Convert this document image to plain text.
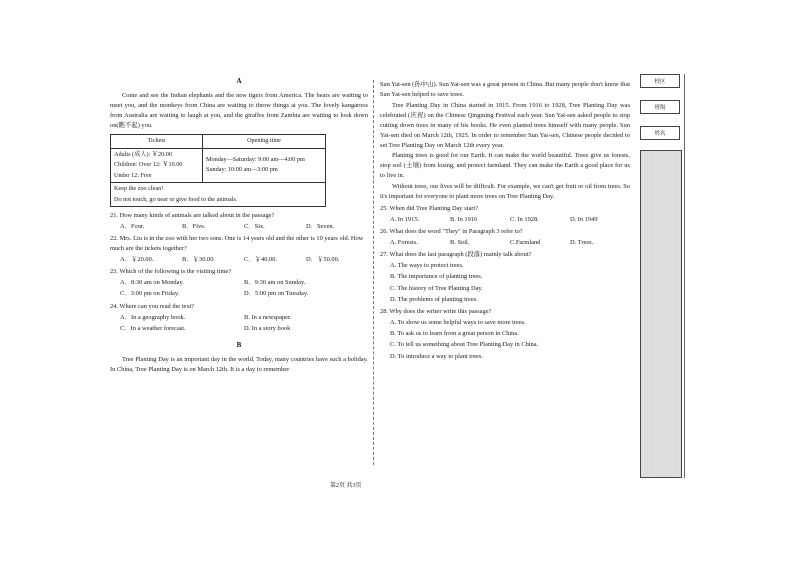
A

Come and see the Indian elephants and the new tigers from America. The bears are waiting to meet you, and the monkeys from China are waiting to throw things at you. The lovely kangaroos from Australia are waiting to laugh at you, and the giraffes from Zambia are waiting to look down on(瞧不起) you.

Tickets	Opening time

Adults (成人): ￥20.00
Children: Over 12: ￥10.00
Under 12: Free	Monday—Saturday: 9:00 am—4:00 pm
Sunday: 10:00 am—3:00 pm

Keep the zoo clean!
Do not touch, go near or give food to the animals.	
21. How many kinds of animals are talked about in the passage?
A．Four.	B．Five.	C．Six.	D．Seven.
22. Mrs. Liu is in the zoo with her two sons. One is 14 years old and the other is 10 years old. How much are the tickets together?
A．￥20.00.	B．￥30.00.	C．￥40.00.	D．￥50.00.
23. Which of the following is the visiting time?
A．8:30 am on Monday.	B．9:30 am on Sunday.
C．3:00 pm on Friday.	D．5:00 pm on Tuesday.
24. Where can you read the text?
A．In a geography book.	B. In a newspaper.
C．In a weather forecast.	D. In a story book
B

Tree Planting Day is an important day in the world. Today, many countries have such a holiday. In China, Tree Planting Day is on March 12th. It is a day to remember

Sun Yat-sen (孙中山). Sun Yat-sen was a great person in China. But many people don't know that Sun Yat-sen helped to save trees.

Tree Planting Day in China started in 1915. From 1916 to 1928, Tree Planting Day was celebrated (庆祝) on the Chinese Qingming Festival each year. Sun Yat-sen asked people to stop cutting down trees in many of his books. He even planted trees himself with many people. Sun Yat-sen died on March 12th, 1925. In order to remember Sun Yat-sen, Chinese people decided to set Tree Planting Day on March 12th every year.

Planting trees is good for our Earth. It can make the world beautiful. Trees give us forests, stop soil (土壤) from losing, and protect farmland. They can make the Earth a good place for us to live in.

Without trees, our lives will be difficult. For example, we can't get fruit or oil from trees. So it's important for everyone to plant more trees on Tree Planting Day.

25. When did Tree Planting Day start?
A. In 1915.	B. In 1916	C. In 1928.	D. In 1949
26. What does the word "They" in Paragraph 3 refer to?
A. Forests.	B. Soil.	C.Farmland	D. Trees.
27. What does the last paragraph (段落) mainly talk about?
A. The ways to protect trees.
B. The importance of planting trees.
C. The history of Tree Planting Day.
D. The problems of planting trees.
28. Why does the writer write this passage?
A. To show us some helpful ways to save more trees.
B. To ask us to learn from a great person in China.
C. To tell us something about Tree Planting Day in China.
D. To introduce a way to plant trees.
第2页 共3页
校区
班级
姓名
